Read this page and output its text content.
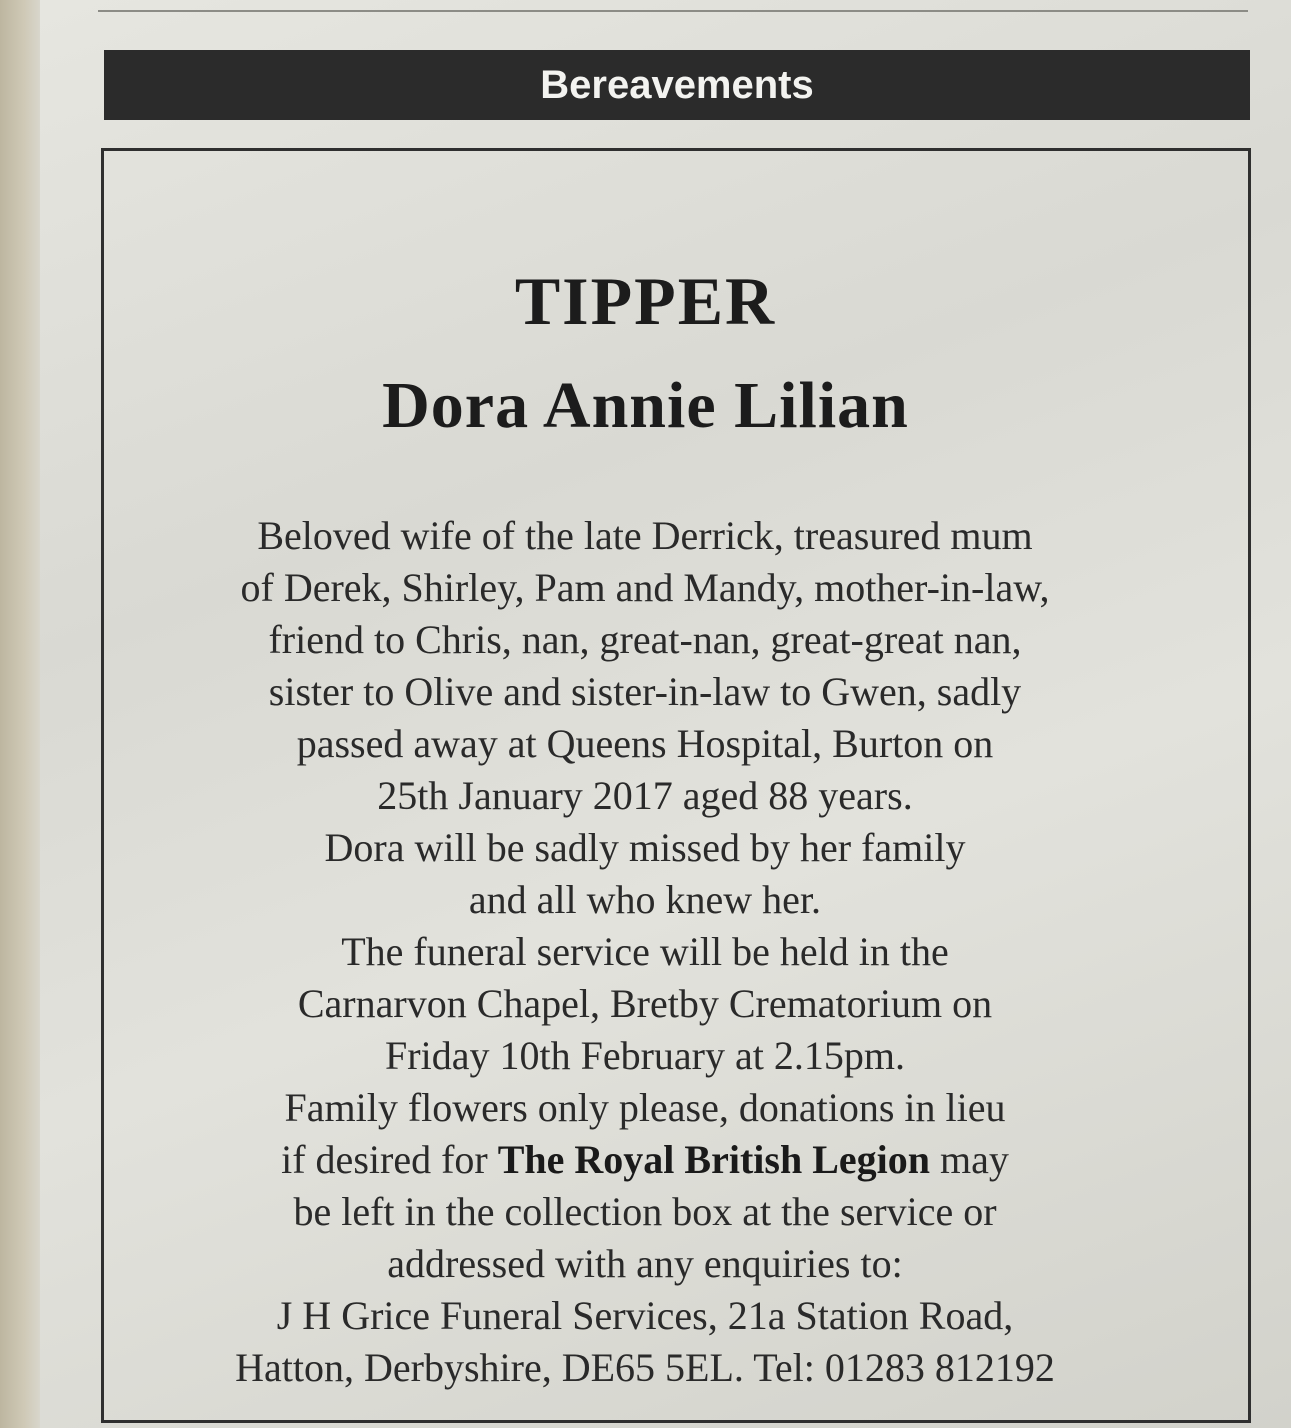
Bereavements
TIPPER
Dora Annie Lilian
Beloved wife of the late Derrick, treasured mum
of Derek, Shirley, Pam and Mandy, mother-in-law,
friend to Chris, nan, great-nan, great-great nan,
sister to Olive and sister-in-law to Gwen, sadly
passed away at Queens Hospital, Burton on
25th January 2017 aged 88 years.
Dora will be sadly missed by her family
and all who knew her.
The funeral service will be held in the
Carnarvon Chapel, Bretby Crematorium on
Friday 10th February at 2.15pm.
Family flowers only please, donations in lieu
if desired for The Royal British Legion may
be left in the collection box at the service or
addressed with any enquiries to:
J H Grice Funeral Services, 21a Station Road,
Hatton, Derbyshire, DE65 5EL. Tel: 01283 812192
